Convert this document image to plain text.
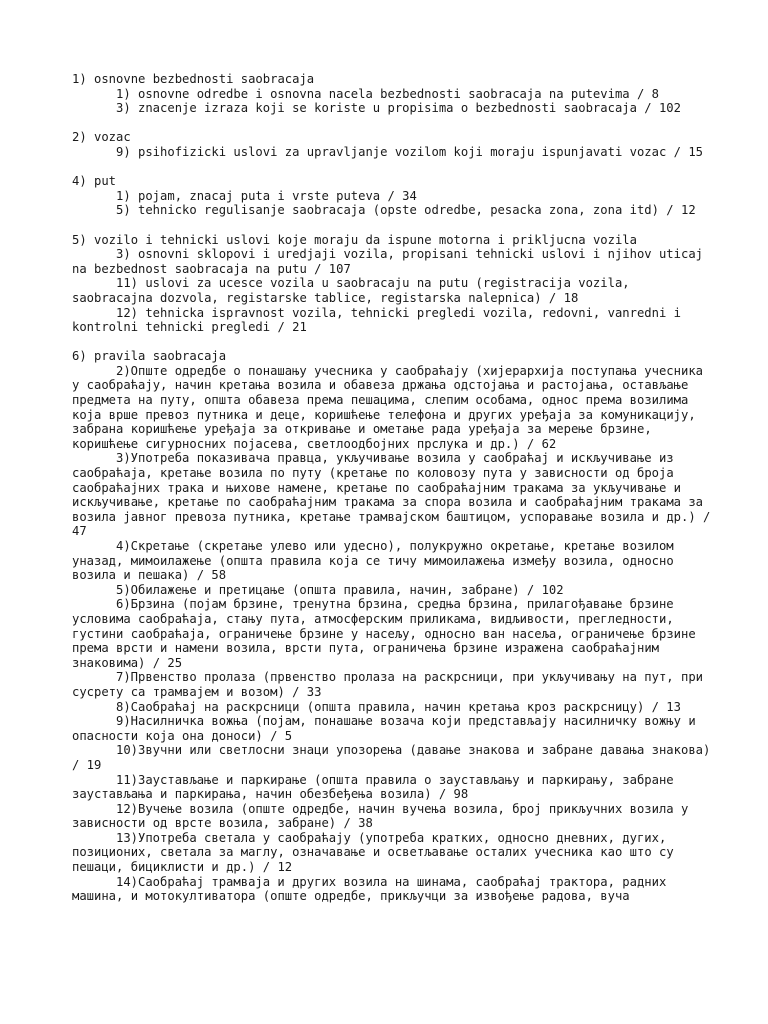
1) osnovne bezbednosti saobracaja
1) osnovne odredbe i osnovna nacela bezbednosti saobracaja na putevima / 8
3) znacenje izraza koji se koriste u propisima o bezbednosti saobracaja / 102
2) vozac
9) psihofizicki uslovi za upravljanje vozilom koji moraju ispunjavati vozac / 15
4) put
1) pojam, znacaj puta i vrste puteva / 34
5) tehnicko regulisanje saobracaja (opste odredbe, pesacka zona, zona itd) / 12
5) vozilo i tehnicki uslovi koje moraju da ispune motorna i prikljucna vozila
3) osnovni sklopovi i uredjaji vozila, propisani tehnicki uslovi i njihov uticaj na bezbednost saobracaja na putu / 107
11) uslovi za ucesce vozila u saobracaju na putu (registracija vozila, saobracajna dozvola, registarske tablice, registarska nalepnica) / 18
12) tehnicka ispravnost vozila, tehnicki pregledi vozila, redovni, vanredni i kontrolni tehnicki pregledi / 21
6) pravila saobracaja
2)Опште одредбе о понашању учесника у саобраћају (хијерархија поступања учесника у саобраћају, начин кретања возила и обавеза држања одстојања и растојања, остављање предмета на путу, општа обавеза према пешацима, слепим особама, однос према возилима која врше превоз путника и деце, коришћење телефона и других уређаја за комуникацију, забрана коришћење уређаја за откривање и ометање рада уређаја за мерење брзине, коришћење сигурносних појасева, светлоодбојних прслука и др.) / 62
3)Употреба показивача правца, укључивање возила у саобраћај и искључивање из саобраћаја, кретање возила по путу (кретање по коловозу пута у зависности од броја саобраћајних трака и њихове намене, кретање по саобраћајним тракама за укључивање и искључивање, кретање по саобраћајним тракама за спора возила и саобраћајним тракама за возила јавног превоза путника, кретање трамвајском баштицом, успоравање возила и др.) / 47
4)Скретање (скретање улево или удесно), полукружно окретање, кретање возилом уназад, мимоилажење (општа правила која се тичу мимоилажења између возила, односно возила и пешака) / 58
5)Обилажење и претицање (општа правила, начин, забране) / 102
6)Брзина (појам брзине, тренутна брзина, средња брзина, прилагођавање брзине условима саобраћаја, стању пута, атмосферским приликама, видљивости, прегледности, густини саобраћаја, ограничење брзине у насељу, односно ван насеља, ограничење брзине према врсти и намени возила, врсти пута, ограничења брзине изражена саобраћајним знаковима) / 25
7)Првенство пролаза (првенство пролаза на раскрсници, при укључивању на пут, при сусрету са трамвајем и возом) / 33
8)Саобраћај на раскрсници (општа правила, начин кретања кроз раскрсницу) / 13
9)Насилничка вожња (појам, понашање возача који представљају насилничку вожњу и опасности која она доноси) / 5
10)Звучни или светлосни знаци упозорења (давање знакова и забране давања знакова) / 19
11)Заустављање и паркирање (општа правила о заустављању и паркирању, забране заустављања и паркирања, начин обезбеђења возила) / 98
12)Вучење возила (опште одредбе, начин вучења возила, број прикључних возила у зависности од врсте возила, забране) / 38
13)Употреба светала у саобраћају (употреба кратких, односно дневних, дугих, позиционих, светала за маглу, означавање и осветљавање осталих учесника као што су пешаци, бициклисти и др.) / 12
14)Саобраћај трамваја и других возила на шинама, саобраћај трактора, радних машина, и мотокултиватора (опште одредбе, прикључци за извођење радова, вуча
